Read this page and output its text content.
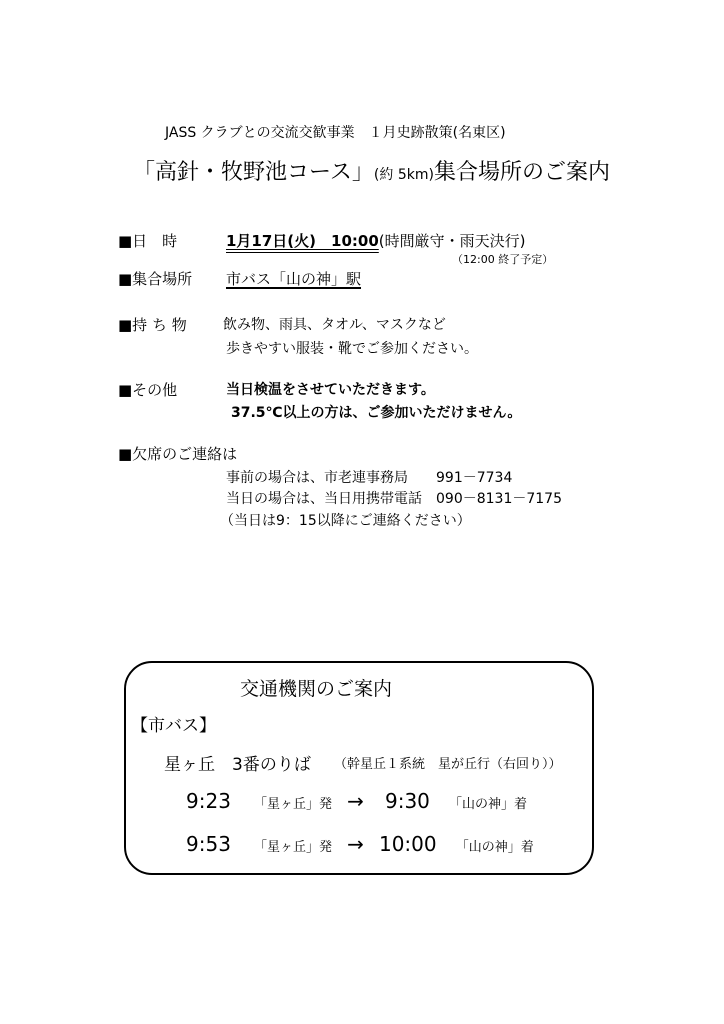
JASS クラブとの交流交歓事業　１月史跡散策(名東区)
「高針・牧野池コース」(約 5km)集合場所のご案内
■日　時	1月17日(火)　10:00(時間厳守・雨天決行)
（12:00 終了予定）
■集合場所 市バス「山の神」駅
■持 ち 物	飲み物、雨具、タオル、マスクなど
歩きやすい服装・靴でご参加ください。
■その他	当日検温をさせていただきます。
37.5℃以上の方は、ご参加いただけません。
■欠席のご連絡は
事前の場合は、市老連事務局　　991－7734
当日の場合は、当日用携帯電話　090－8131－7175
（当日は9：15以降にご連絡ください）
交通機関のご案内
【市バス】
星ヶ丘　3番のりば （幹星丘１系統　星が丘行（右回り））
9:23 「星ヶ丘」発 → 9:30 「山の神」着
9:53 「星ヶ丘」発 → 10:00 「山の神」着
